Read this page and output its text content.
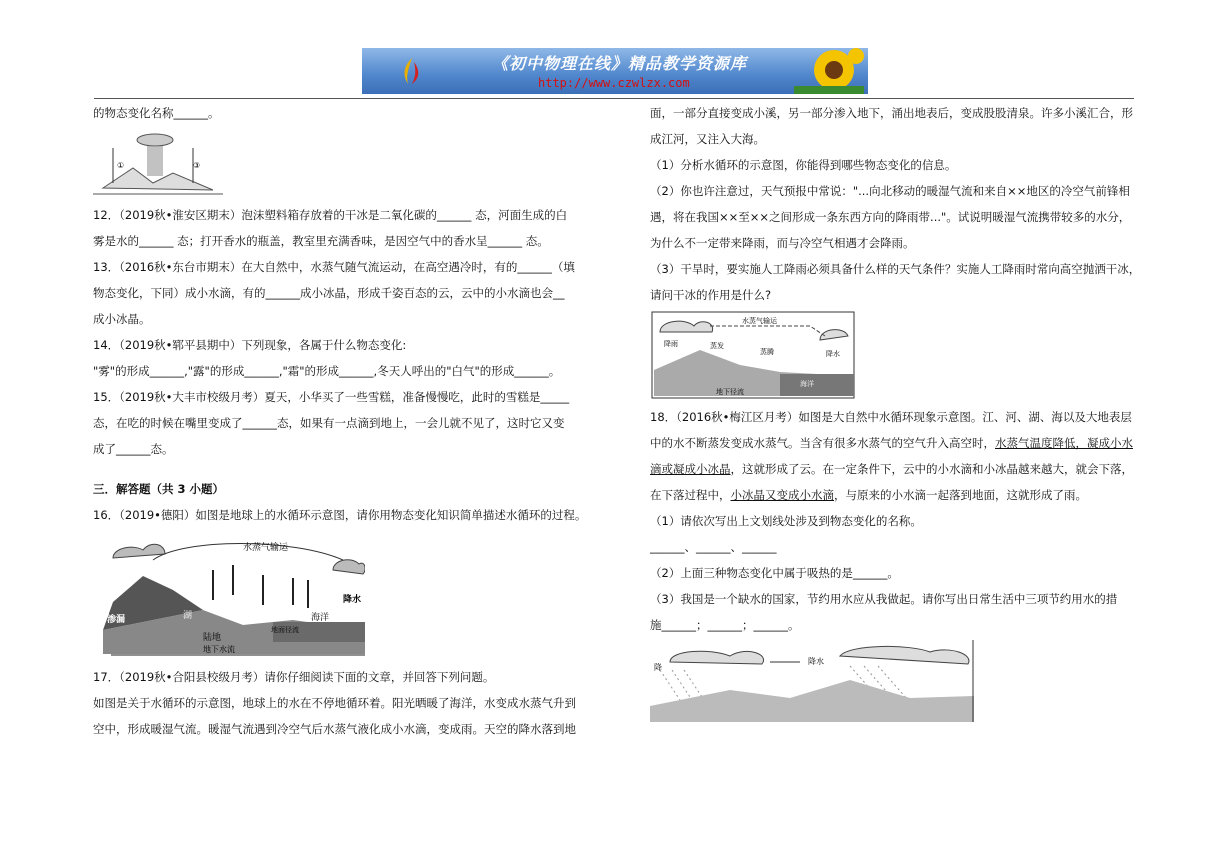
《初中物理在线》精品教学资源库
http://www.czwlzx.com

的物态变化名称______。

①	③

12．（2019秋•淮安区期末）泡沫塑料箱存放着的干冰是二氧化碳的______ 态，河面生成的白

雾是水的______ 态；打开香水的瓶盖，教室里充满香味，是因空气中的香水呈______ 态。

13．（2016秋•东台市期末）在大自然中，水蒸气随气流运动，在高空遇冷时，有的______（填

物态变化，下同）成小水滴，有的______成小冰晶，形成千姿百态的云，云中的小水滴也会__

成小冰晶。

14．（2019秋•郓平县期中）下列现象，各属于什么物态变化:

"雾"的形成______,"露"的形成______,"霜"的形成______,冬天人呼出的"白气"的形成______。

15．（2019秋•大丰市校级月考）夏天，小华买了一些雪糕，准备慢慢吃，此时的雪糕是_____

态，在吃的时候在嘴里变成了______态，如果有一点滴到地上，一会儿就不见了，这时它又变

成了______态。

三．解答题（共 3 小题）

16．（2019•德阳）如图是地球上的水循环示意图，请你用物态变化知识简单描述水循环的过程。

水蒸气输运
降水
降水
渗漏	湖
陆地
地下水流
地面径流
海洋

17．（2019秋•合阳县校级月考）请你仔细阅读下面的文章，并回答下列问题。

如图是关于水循环的示意图，地球上的水在不停地循环着。阳光晒暖了海洋，水变成水蒸气升到

空中，形成暖湿气流。暖湿气流遇到冷空气后水蒸气液化成小水滴，变成雨。天空的降水落到地

面，一部分直接变成小溪，另一部分渗入地下，涌出地表后，变成股股清泉。许多小溪汇合，形

成江河，又注入大海。

（1）分析水循环的示意图，你能得到哪些物态变化的信息。

（2）你也许注意过，天气预报中常说："...向北移动的暖湿气流和来自××地区的冷空气前锋相

遇，将在我国××至××之间形成一条东西方向的降雨带..."。试说明暖湿气流携带较多的水分，

为什么不一定带来降雨，而与冷空气相遇才会降雨。

（3）干旱时，要实施人工降雨必须具备什么样的天气条件？实施人工降雨时常向高空抛洒干冰，

请问干冰的作用是什么?

水蒸气输运
降雨
降水
蒸发
蒸腾
海洋
地下径流

18．（2016秋•梅江区月考）如图是大自然中水循环现象示意图。江、河、湖、海以及大地表层

中的水不断蒸发变成水蒸气。当含有很多水蒸气的空气升入高空时，水蒸气温度降低，凝成小水

滴或凝成小冰晶，这就形成了云。在一定条件下，云中的小水滴和小冰晶越来越大，就会下落，

在下落过程中，小冰晶又变成小水滴，与原来的小水滴一起落到地面，这就形成了雨。

（1）请依次写出上文划线处涉及到物态变化的名称。

______、______、______

（2）上面三种物态变化中属于吸热的是______。

（3）我国是一个缺水的国家，节约用水应从我做起。请你写出日常生活中三项节约用水的措

施______；______；______。

降
降水
